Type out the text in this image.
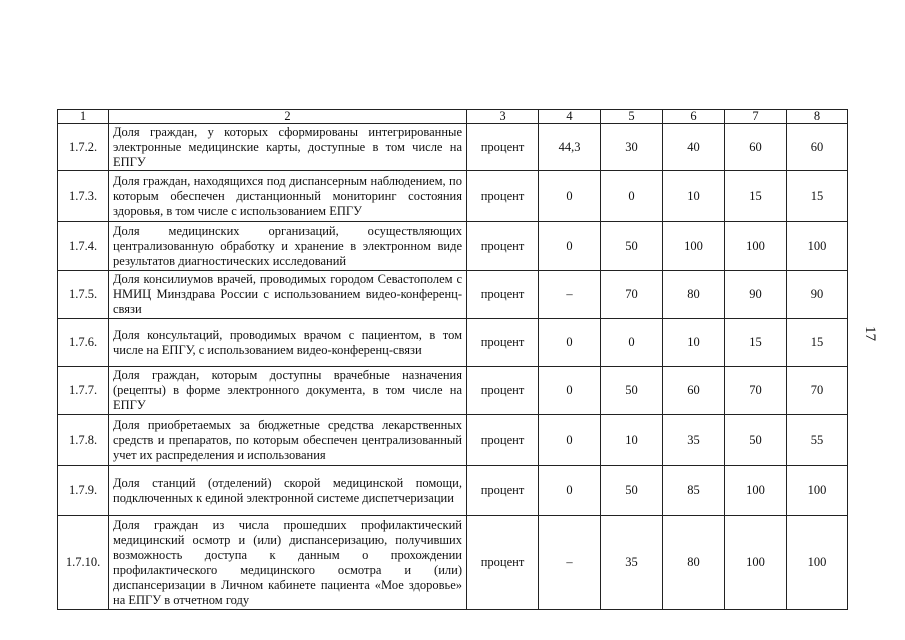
1	2	3	4	5	6	7	8
1.7.2.	Доля граждан, у которых сформированы интегрированные электронные медицинские карты, доступные в том числе на ЕПГУ	процент	44,3	30	40	60	60
1.7.3.	Доля граждан, находящихся под диспансерным наблюдением, по которым обеспечен дистанционный мониторинг состояния здоровья, в том числе с использованием ЕПГУ	процент	0	0	10	15	15
1.7.4.	Доля медицинских организаций, осуществляющих централизованную обработку и хранение в электронном виде результатов диагностических исследований	процент	0	50	100	100	100
1.7.5.	Доля консилиумов врачей, проводимых городом Севастополем с НМИЦ Минздрава России с использованием видео-конференц-связи	процент	–	70	80	90	90
1.7.6.	Доля консультаций, проводимых врачом с пациентом, в том числе на ЕПГУ, с использованием видео-конференц-связи	процент	0	0	10	15	15
1.7.7.	Доля граждан, которым доступны врачебные назначения (рецепты) в форме электронного документа, в том числе на ЕПГУ	процент	0	50	60	70	70
1.7.8.	Доля приобретаемых за бюджетные средства лекарственных средств и препаратов, по которым обеспечен централизованный учет их распределения и использования	процент	0	10	35	50	55
1.7.9.	Доля станций (отделений) скорой медицинской помощи, подключенных к единой электронной системе диспетчеризации	процент	0	50	85	100	100
1.7.10.	Доля граждан из числа прошедших профилактический медицинский осмотр и (или) диспансеризацию, получивших возможность доступа к данным о прохождении профилактического медицинского осмотра и (или) диспансеризации в Личном кабинете пациента «Мое здоровье» на ЕПГУ в отчетном году	процент	–	35	80	100	100
17
